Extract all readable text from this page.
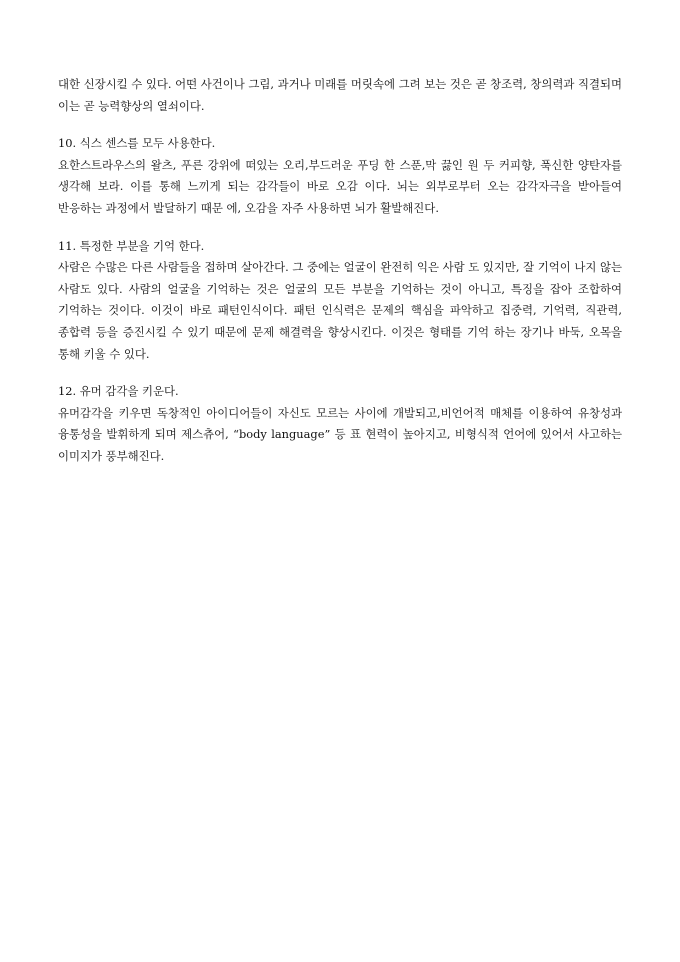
대한 신장시킬 수 있다. 어떤 사건이나 그림, 과거나 미래를 머릿속에 그려 보는 것은 곧 창조력, 창의력과 직결되며 이는 곧 능력향상의 열쇠이다.

10. 식스 센스를 모두 사용한다.

요한스트라우스의 왈츠, 푸른 강위에 떠있는 오리,부드러운 푸딩 한 스푼,막 끓인 원 두 커피향, 푹신한 양탄자를 생각해 보라. 이를 통해 느끼게 되는 감각들이 바로 오감 이다. 뇌는 외부로부터 오는 감각자극을 받아들여 반응하는 과정에서 발달하기 때문 에, 오감을 자주 사용하면 뇌가 활발해진다.

11. 특정한 부분을 기억 한다.

사람은 수많은 다른 사람들을 접하며 살아간다. 그 중에는 얼굴이 완전히 익은 사람 도 있지만, 잘 기억이 나지 않는 사람도 있다. 사람의 얼굴을 기억하는 것은 얼굴의 모든 부분을 기억하는 것이 아니고, 특징을 잡아 조합하여 기억하는 것이다. 이것이 바로 패턴인식이다. 패턴 인식력은 문제의 핵심을 파악하고 집중력, 기억력, 직관력, 종합력 등을 증진시킬 수 있기 때문에 문제 해결력을 향상시킨다. 이것은 형태를 기억 하는 장기나 바둑, 오목을 통해 키울 수 있다.

12. 유머 감각을 키운다.

유머감각을 키우면 독창적인 아이디어들이 자신도 모르는 사이에 개발되고,비언어적 매체를 이용하여 유창성과 융통성을 발휘하게 되며 제스츄어, “body language” 등 표 현력이 높아지고, 비형식적 언어에 있어서 사고하는 이미지가 풍부해진다.
